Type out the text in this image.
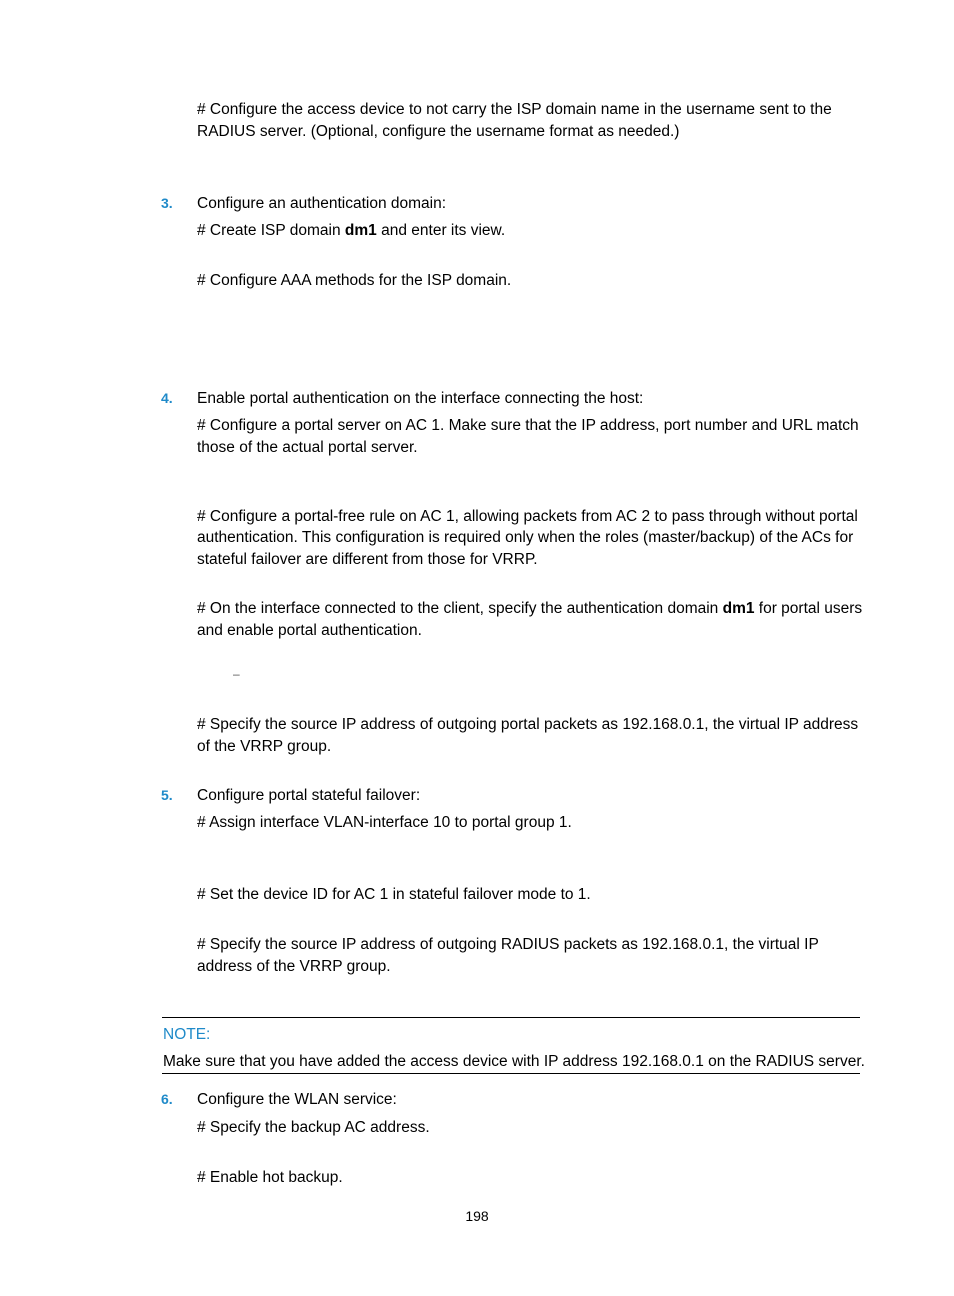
# Configure the access device to not carry the ISP domain name in the username sent to the
RADIUS server. (Optional, configure the username format as needed.)
3. Configure an authentication domain:
# Create ISP domain dm1 and enter its view.
# Configure AAA methods for the ISP domain.
4. Enable portal authentication on the interface connecting the host:
# Configure a portal server on AC 1. Make sure that the IP address, port number and URL match
those of the actual portal server.
# Configure a portal-free rule on AC 1, allowing packets from AC 2 to pass through without portal
authentication. This configuration is required only when the roles (master/backup) of the ACs for
stateful failover are different from those for VRRP.
# On the interface connected to the client, specify the authentication domain dm1 for portal users
and enable portal authentication.
–
# Specify the source IP address of outgoing portal packets as 192.168.0.1, the virtual IP address
of the VRRP group.
5. Configure portal stateful failover:
# Assign interface VLAN-interface 10 to portal group 1.
# Set the device ID for AC 1 in stateful failover mode to 1.
# Specify the source IP address of outgoing RADIUS packets as 192.168.0.1, the virtual IP
address of the VRRP group.
NOTE:
Make sure that you have added the access device with IP address 192.168.0.1 on the RADIUS server.
6. Configure the WLAN service:
# Specify the backup AC address.
# Enable hot backup.
198
